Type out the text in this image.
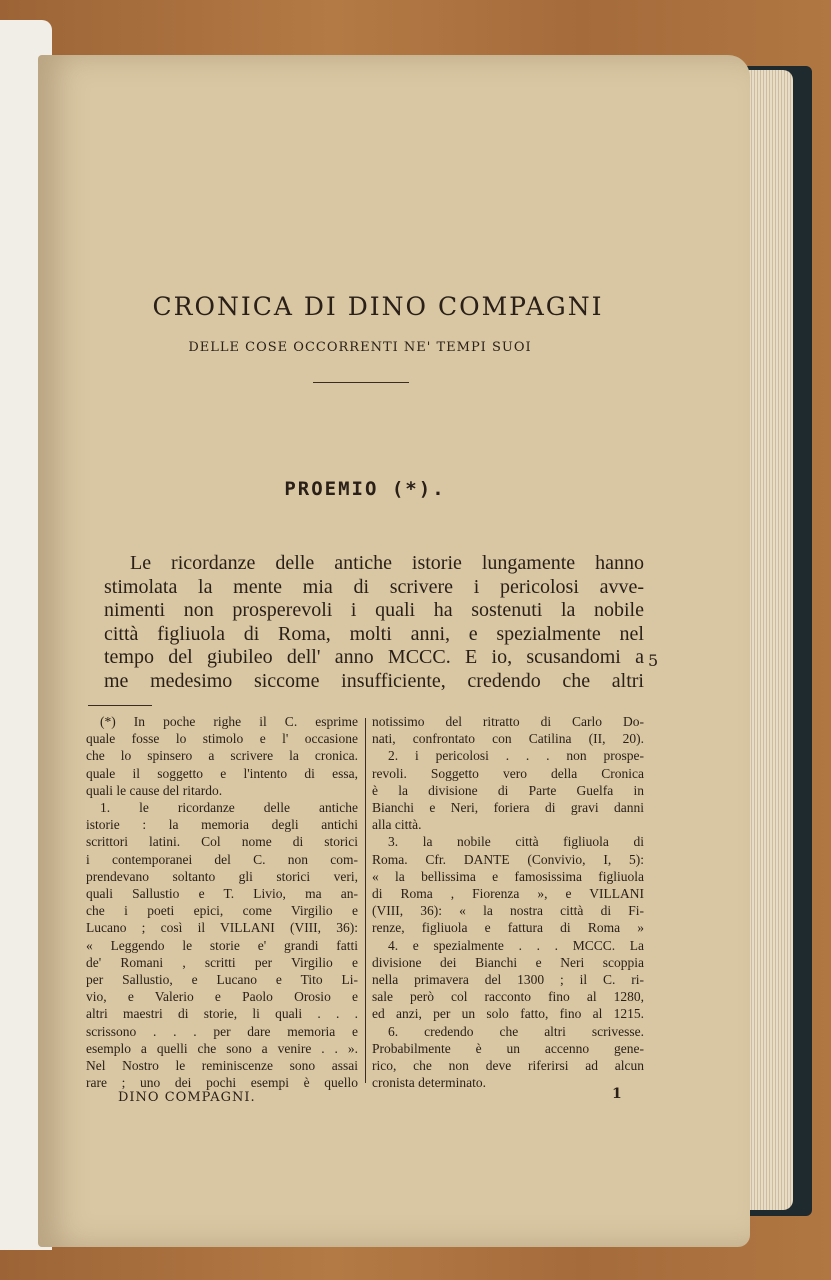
CRONICA DI DINO COMPAGNI
DELLE COSE OCCORRENTI NE' TEMPI SUOI
PROEMIO (*).
Le ricordanze delle antiche istorie lungamente hanno
stimolata la mente mia di scrivere i pericolosi avve-
nimenti non prosperevoli i quali ha sostenuti la nobile
città figliuola di Roma, molti anni, e spezialmente nel
tempo del giubileo dell' anno MCCC. E io, scusandomi a
me medesimo siccome insufficiente, credendo che altri
5
(*) In poche righe il C. esprime
quale fosse lo stimolo e l' occasione
che lo spinsero a scrivere la cronica.
quale il soggetto e l'intento di essa,
quali le cause del ritardo.
1. le ricordanze delle antiche
istorie : la memoria degli antichi
scrittori latini. Col nome di storici
i contemporanei del C. non com-
prendevano soltanto gli storici veri,
quali Sallustio e T. Livio, ma an-
che i poeti epici, come Virgilio e
Lucano ; così il VILLANI (VIII, 36):
« Leggendo le storie e' grandi fatti
de' Romani , scritti per Virgilio e
per Sallustio, e Lucano e Tito Li-
vio, e Valerio e Paolo Orosio e
altri maestri di storie, li quali . . .
scrissono . . . per dare memoria e
esemplo a quelli che sono a venire . . ».
Nel Nostro le reminiscenze sono assai
rare ; uno dei pochi esempi è quello
notissimo del ritratto di Carlo Do-
nati, confrontato con Catilina (II, 20).
2. i pericolosi . . . non prospe-
revoli. Soggetto vero della Cronica
è la divisione di Parte Guelfa in
Bianchi e Neri, foriera di gravi danni
alla città.
3. la nobile città figliuola di
Roma. Cfr. DANTE (Convivio, I, 5):
« la bellissima e famosissima figliuola
di Roma , Fiorenza », e VILLANI
(VIII, 36): « la nostra città di Fi-
renze, figliuola e fattura di Roma »
4. e spezialmente . . . MCCC. La
divisione dei Bianchi e Neri scoppia
nella primavera del 1300 ; il C. ri-
sale però col racconto fino al 1280,
ed anzi, per un solo fatto, fino al 1215.
6. credendo che altri scrivesse.
Probabilmente è un accenno gene-
rico, che non deve riferirsi ad alcun
cronista determinato.
DINO COMPAGNI.	1
